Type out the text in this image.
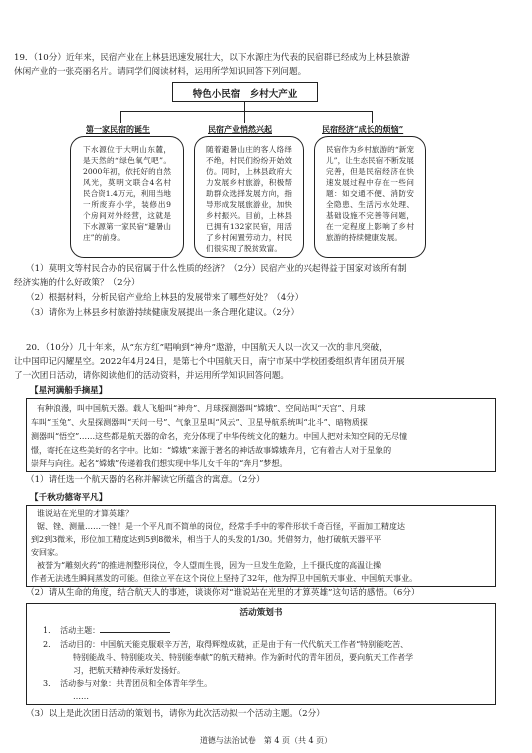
19．（10分）近年来，民宿产业在上林县迅速发展壮大，以下水源庄为代表的民宿群已经成为上林县旅游
休闲产业的一张亮丽名片。请同学们阅读材料，运用所学知识回答下列问题。
特色小民宿　乡村大产业
第一家民宿的诞生	民宿产业悄然兴起	民宿经济“成长的烦恼”
下水源位于大明山东麓，是天然的“绿色氧气吧”。2000年初，依托好的自然风光，莫明文联合4名村民合资1.4万元，利用当地一所废弃小学，装修出9个房间对外经营，这就是下水源第一家民宿“避暑山庄”的前身。
随着避暑山庄的客人络绎不绝，村民们纷纷开始效仿。同时，上林县政府大力发展乡村旅游，积极帮助群众选择发展方向，指导形成发展旅游业，加快乡村振兴。目前，上林县已拥有132家民宿，用活了乡村闲置劳动力，村民们很实现了脱贫致富。
民宿作为乡村旅游的“新宠儿”，让生态民宿不断发展完善，但是民宿经济在快速发展过程中存在一些问题：如交通不便、消防安全隐患、生活污水处理、基础设施不完善等问题，在一定程度上影响了乡村旅游的持续健康发展。
（1）莫明文等村民合办的民宿属于什么性质的经济？（2分）民宿产业的兴起得益于国家对该所有制
经济实施的什么好政策？（2分）
（2）根据材料，分析民宿产业给上林县的发展带来了哪些好处？（4分）
（3）请你为上林县乡村旅游持续健康发展提出一条合理化建议。（2分）
20．（10分）几十年来，从“东方红”唱响到“神舟”遨游，中国航天人以一次又一次的非凡突破，
让中国印记闪耀星空。2022年4月24日，是第七个中国航天日，南宁市某中学校团委组织青年团员开展
了一次团日活动，请你阅读他们的活动资料，并运用所学知识回答问题。
【星河满船手摘星】
有种浪漫，叫中国航天器。载人飞船叫“神舟”、月球探测器叫“嫦娥”、空间站叫“天宫”、月球
车叫“玉兔”、火星探测器叫“天问一号”、气象卫星叫“风云”、卫星导航系统叫“北斗”、暗物质探
测器叫“悟空”……这些都是航天器的命名，充分体现了中华传统文化的魅力。中国人把对未知空间的无尽憧
憬，寄托在这些美好的名字中。比如：“嫦娥”来源于著名的神话故事嫦娥奔月，它有着古人对于星象的
崇拜与向往。起名“嫦娥”传递着我们想实现中华儿女千年的“奔月”梦想。
（1）请任选一个航天器的名称并解读它所蕴含的寓意。（2分）
【千秋功德寄平凡】
谁说站在光里的才算英雄？
锯、锉、测量……一锉！是一个平凡而不简单的岗位，经常手手中的零件形状千奇百怪，平面加工精度达
到2到3微米，形位加工精度达到5到8微米，相当于人的头发的1/30。凭借努力，他打破航天器平平
安回家。
被誉为“雕刻火药”的推进剂整形岗位，令人望而生畏，因为一旦发生危险，上千摄氏度的高温让操
作者无法逃生瞬间蒸发的可能。但徐立平在这个岗位上坚持了32年，他为捍卫中国航天事业、中国航天事业。
（2）请从生命的角度，结合航天人的事迹，谈谈你对“谁说站在光里的才算英雄”这句话的感悟。（6分）
活动策划书
1．　活动主题：
2．　活动目的：中国航天能克服艰辛万苦，取得辉煌成就，正是由于有一代代航天工作者“特别能吃苦、
特别能战斗、特别能攻关、特别能奉献”的航天精神。作为新时代的青年团员，要向航天工作者学
习，把航天精神传承好发扬好。
3．　活动参与对象：共青团员和全体青年学生。
……
（3）以上是此次团日活动的策划书，请你为此次活动拟一个活动主题。（2分）
道德与法治试卷　第 4 页（共 4 页）
